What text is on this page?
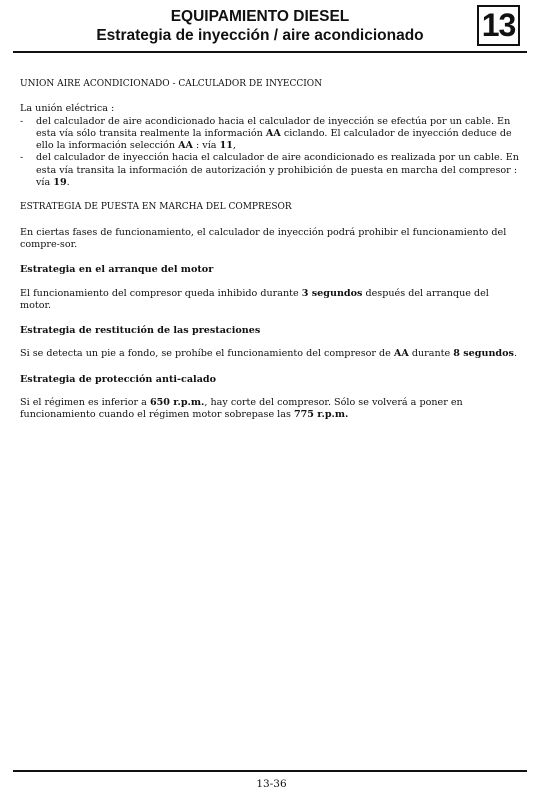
EQUIPAMIENTO DIESEL
Estrategia de inyección / aire acondicionado	13
UNION AIRE ACONDICIONADO - CALCULADOR DE INYECCION

La unión eléctrica :

-	del calculador de aire acondicionado hacia el calculador de inyección se efectúa por un cable. En esta vía sólo transita realmente la información AA ciclando. El calculador de inyección deduce de ello la información selección AA : vía 11,
-	del calculador de inyección hacia el calculador de aire acondicionado es realizada por un cable. En esta vía transita la información de autorización y prohibición de puesta en marcha del compresor : vía 19.
ESTRATEGIA DE PUESTA EN MARCHA DEL COMPRESOR

En ciertas fases de funcionamiento, el calculador de inyección podrá prohibir el funcionamiento del compre-sor.

Estrategia en el arranque del motor

El funcionamiento del compresor queda inhibido durante 3 segundos después del arranque del motor.

Estrategia de restitución de las prestaciones

Si se detecta un pie a fondo, se prohíbe el funcionamiento del compresor de AA durante 8 segundos.

Estrategia de protección anti-calado

Si el régimen es inferior a 650 r.p.m., hay corte del compresor. Sólo se volverá a poner en funcionamiento cuando el régimen motor sobrepase las 775 r.p.m.

13-36
